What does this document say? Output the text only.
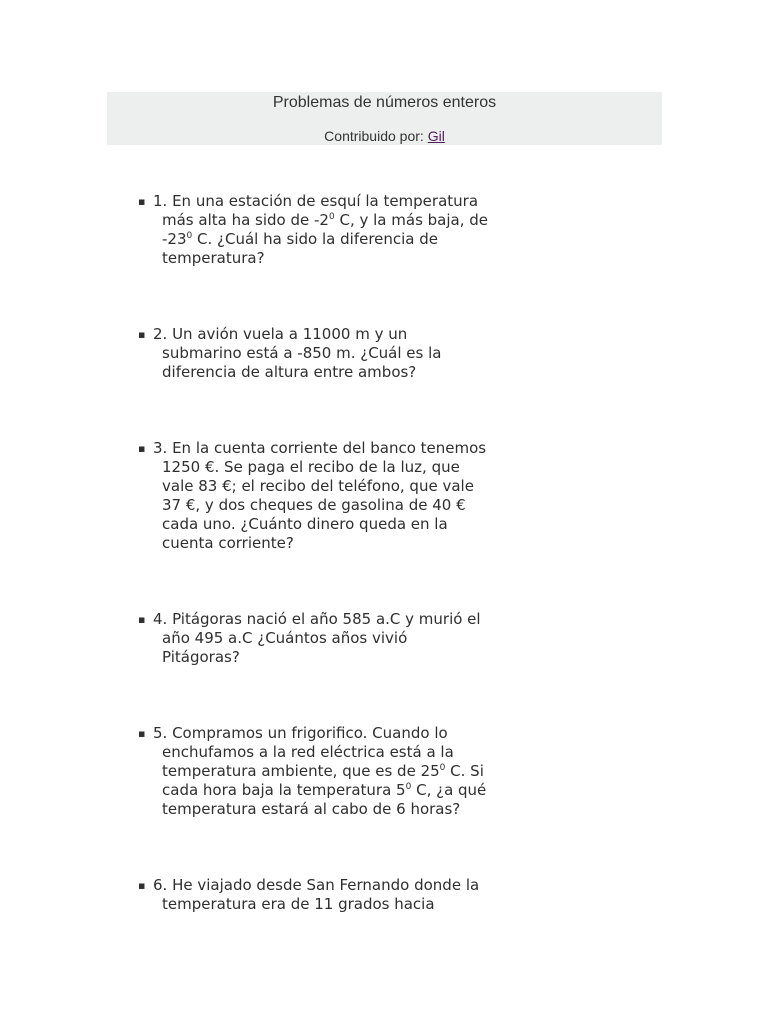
Problemas de números enteros
Contribuido por: Gil
▪ 1. En una estación de esquí la temperatura más alta ha sido de $-2^0$ C, y la más baja, de $-23^0$ C. ¿Cuál ha sido la diferencia de temperatura?
▪ 2. Un avión vuela a 11000 m y un submarino está a -850 m. ¿Cuál es la diferencia de altura entre ambos?
▪ 3. En la cuenta corriente del banco tenemos 1250 €. Se paga el recibo de la luz, que vale 83 €; el recibo del teléfono, que vale 37 €, y dos cheques de gasolina de 40 € cada uno. ¿Cuánto dinero queda en la cuenta corriente?
▪ 4. Pitágoras nació el año 585 a.C y murió el año 495 a.C ¿Cuántos años vivió Pitágoras?
▪ 5. Compramos un frigorifico. Cuando lo enchufamos a la red eléctrica está a la temperatura ambiente, que es de $25^0$ C. Si cada hora baja la temperatura $5^0$ C, ¿a qué temperatura estará al cabo de 6 horas?
▪ 6. He viajado desde San Fernando donde la temperatura era de 11 grados hacia
